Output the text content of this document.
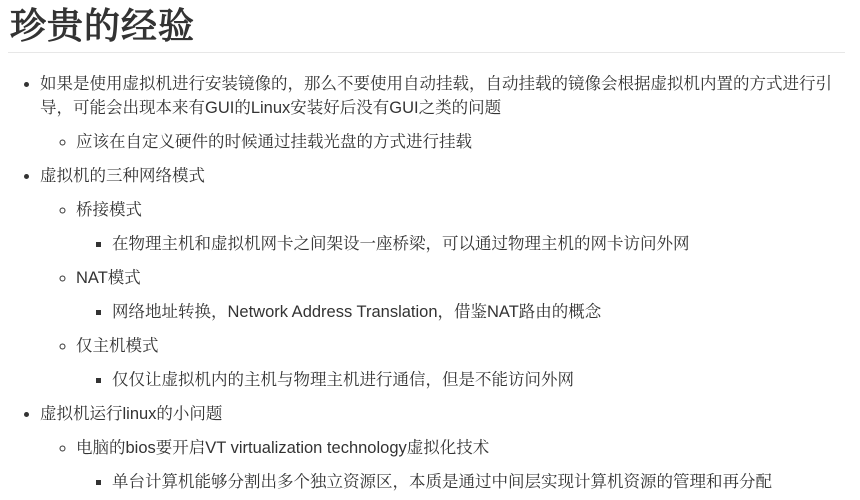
珍贵的经验
• 如果是使用虚拟机进行安装镜像的，那么不要使用自动挂载，自动挂载的镜像会根据虚拟机内置的方式进行引导，可能会出现本来有GUI的Linux安装好后没有GUI之类的问题
◦ 应该在自定义硬件的时候通过挂载光盘的方式进行挂载
• 虚拟机的三种网络模式
◦ 桥接模式
▪ 在物理主机和虚拟机网卡之间架设一座桥梁，可以通过物理主机的网卡访问外网
◦ NAT模式
▪ 网络地址转换，Network Address Translation，借鉴NAT路由的概念
◦ 仅主机模式
▪ 仅仅让虚拟机内的主机与物理主机进行通信，但是不能访问外网
• 虚拟机运行linux的小问题
◦ 电脑的bios要开启VT virtualization technology虚拟化技术
▪ 单台计算机能够分割出多个独立资源区，本质是通过中间层实现计算机资源的管理和再分配
